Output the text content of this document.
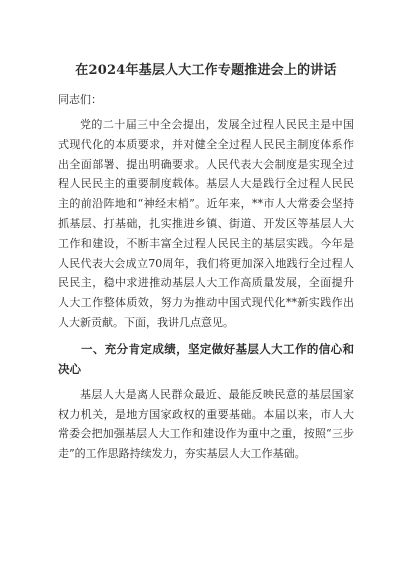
在2024年基层人大工作专题推进会上的讲话

同志们：

党的二十届三中全会提出，发展全过程人民民主是中国式现代化的本质要求，并对健全全过程人民民主制度体系作出全面部署、提出明确要求。人民代表大会制度是实现全过程人民民主的重要制度载体。基层人大是践行全过程人民民主的前沿阵地和“神经末梢”。近年来，**市人大常委会坚持抓基层、打基础，扎实推进乡镇、街道、开发区等基层人大工作和建设，不断丰富全过程人民民主的基层实践。今年是人民代表大会成立70周年，我们将更加深入地践行全过程人民民主，稳中求进推动基层人大工作高质量发展，全面提升人大工作整体质效，努力为推动中国式现代化**新实践作出人大新贡献。下面，我讲几点意见。

一、充分肯定成绩，坚定做好基层人大工作的信心和决心

基层人大是离人民群众最近、最能反映民意的基层国家权力机关，是地方国家政权的重要基础。本届以来，市人大常委会把加强基层人大工作和建设作为重中之重，按照“三步走”的工作思路持续发力，夯实基层人大工作基础。
